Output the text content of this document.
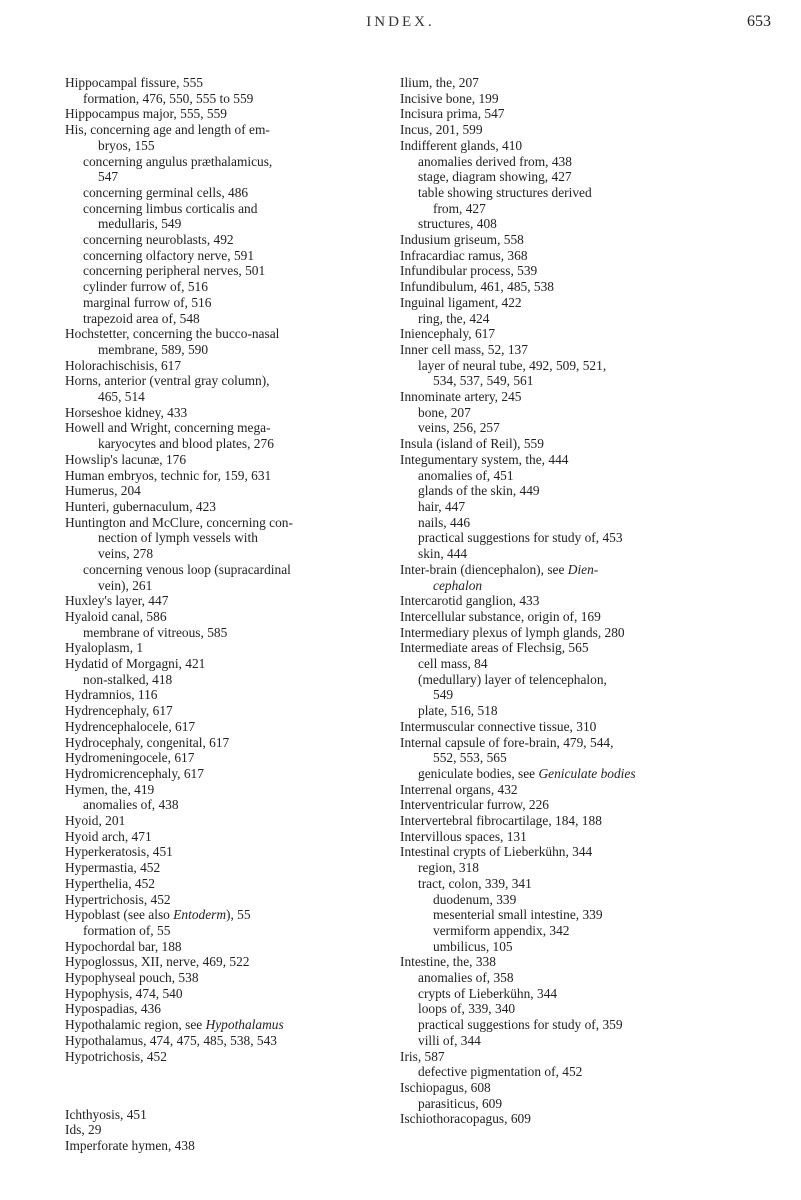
INDEX.	653

Hippocampal fissure, 555

formation, 476, 550, 555 to 559

Hippocampus major, 555, 559

His, concerning age and length of em-

bryos, 155

concerning angulus præthalamicus,

547

concerning germinal cells, 486

concerning limbus corticalis and

medullaris, 549

concerning neuroblasts, 492

concerning olfactory nerve, 591

concerning peripheral nerves, 501

cylinder furrow of, 516

marginal furrow of, 516

trapezoid area of, 548

Hochstetter, concerning the bucco-nasal

membrane, 589, 590

Holorachischisis, 617

Horns, anterior (ventral gray column),

465, 514

Horseshoe kidney, 433

Howell and Wright, concerning mega-

karyocytes and blood plates, 276

Howslip's lacunæ, 176

Human embryos, technic for, 159, 631

Humerus, 204

Hunteri, gubernaculum, 423

Huntington and McClure, concerning con-

nection of lymph vessels with

veins, 278

concerning venous loop (supracardinal

vein), 261

Huxley's layer, 447

Hyaloid canal, 586

membrane of vitreous, 585

Hyaloplasm, 1

Hydatid of Morgagni, 421

non-stalked, 418

Hydramnios, 116

Hydrencephaly, 617

Hydrencephalocele, 617

Hydrocephaly, congenital, 617

Hydromeningocele, 617

Hydromicrencephaly, 617

Hymen, the, 419

anomalies of, 438

Hyoid, 201

Hyoid arch, 471

Hyperkeratosis, 451

Hypermastia, 452

Hyperthelia, 452

Hypertrichosis, 452

Hypoblast (see also Entoderm), 55

formation of, 55

Hypochordal bar, 188

Hypoglossus, XII, nerve, 469, 522

Hypophyseal pouch, 538

Hypophysis, 474, 540

Hypospadias, 436

Hypothalamic region, see Hypothalamus

Hypothalamus, 474, 475, 485, 538, 543

Hypotrichosis, 452

Ichthyosis, 451

Ids, 29

Imperforate hymen, 438

Ilium, the, 207

Incisive bone, 199

Incisura prima, 547

Incus, 201, 599

Indifferent glands, 410

anomalies derived from, 438

stage, diagram showing, 427

table showing structures derived

from, 427

structures, 408

Indusium griseum, 558

Infracardiac ramus, 368

Infundibular process, 539

Infundibulum, 461, 485, 538

Inguinal ligament, 422

ring, the, 424

Iniencephaly, 617

Inner cell mass, 52, 137

layer of neural tube, 492, 509, 521,

534, 537, 549, 561

Innominate artery, 245

bone, 207

veins, 256, 257

Insula (island of Reil), 559

Integumentary system, the, 444

anomalies of, 451

glands of the skin, 449

hair, 447

nails, 446

practical suggestions for study of, 453

skin, 444

Inter-brain (diencephalon), see Dien-

cephalon

Intercarotid ganglion, 433

Intercellular substance, origin of, 169

Intermediary plexus of lymph glands, 280

Intermediate areas of Flechsig, 565

cell mass, 84

(medullary) layer of telencephalon,

549

plate, 516, 518

Intermuscular connective tissue, 310

Internal capsule of fore-brain, 479, 544,

552, 553, 565

geniculate bodies, see Geniculate bodies

Interrenal organs, 432

Interventricular furrow, 226

Intervertebral fibrocartilage, 184, 188

Intervillous spaces, 131

Intestinal crypts of Lieberkühn, 344

region, 318

tract, colon, 339, 341

duodenum, 339

mesenterial small intestine, 339

vermiform appendix, 342

umbilicus, 105

Intestine, the, 338

anomalies of, 358

crypts of Lieberkühn, 344

loops of, 339, 340

practical suggestions for study of, 359

villi of, 344

Iris, 587

defective pigmentation of, 452

Ischiopagus, 608

parasiticus, 609

Ischiothoracopagus, 609
